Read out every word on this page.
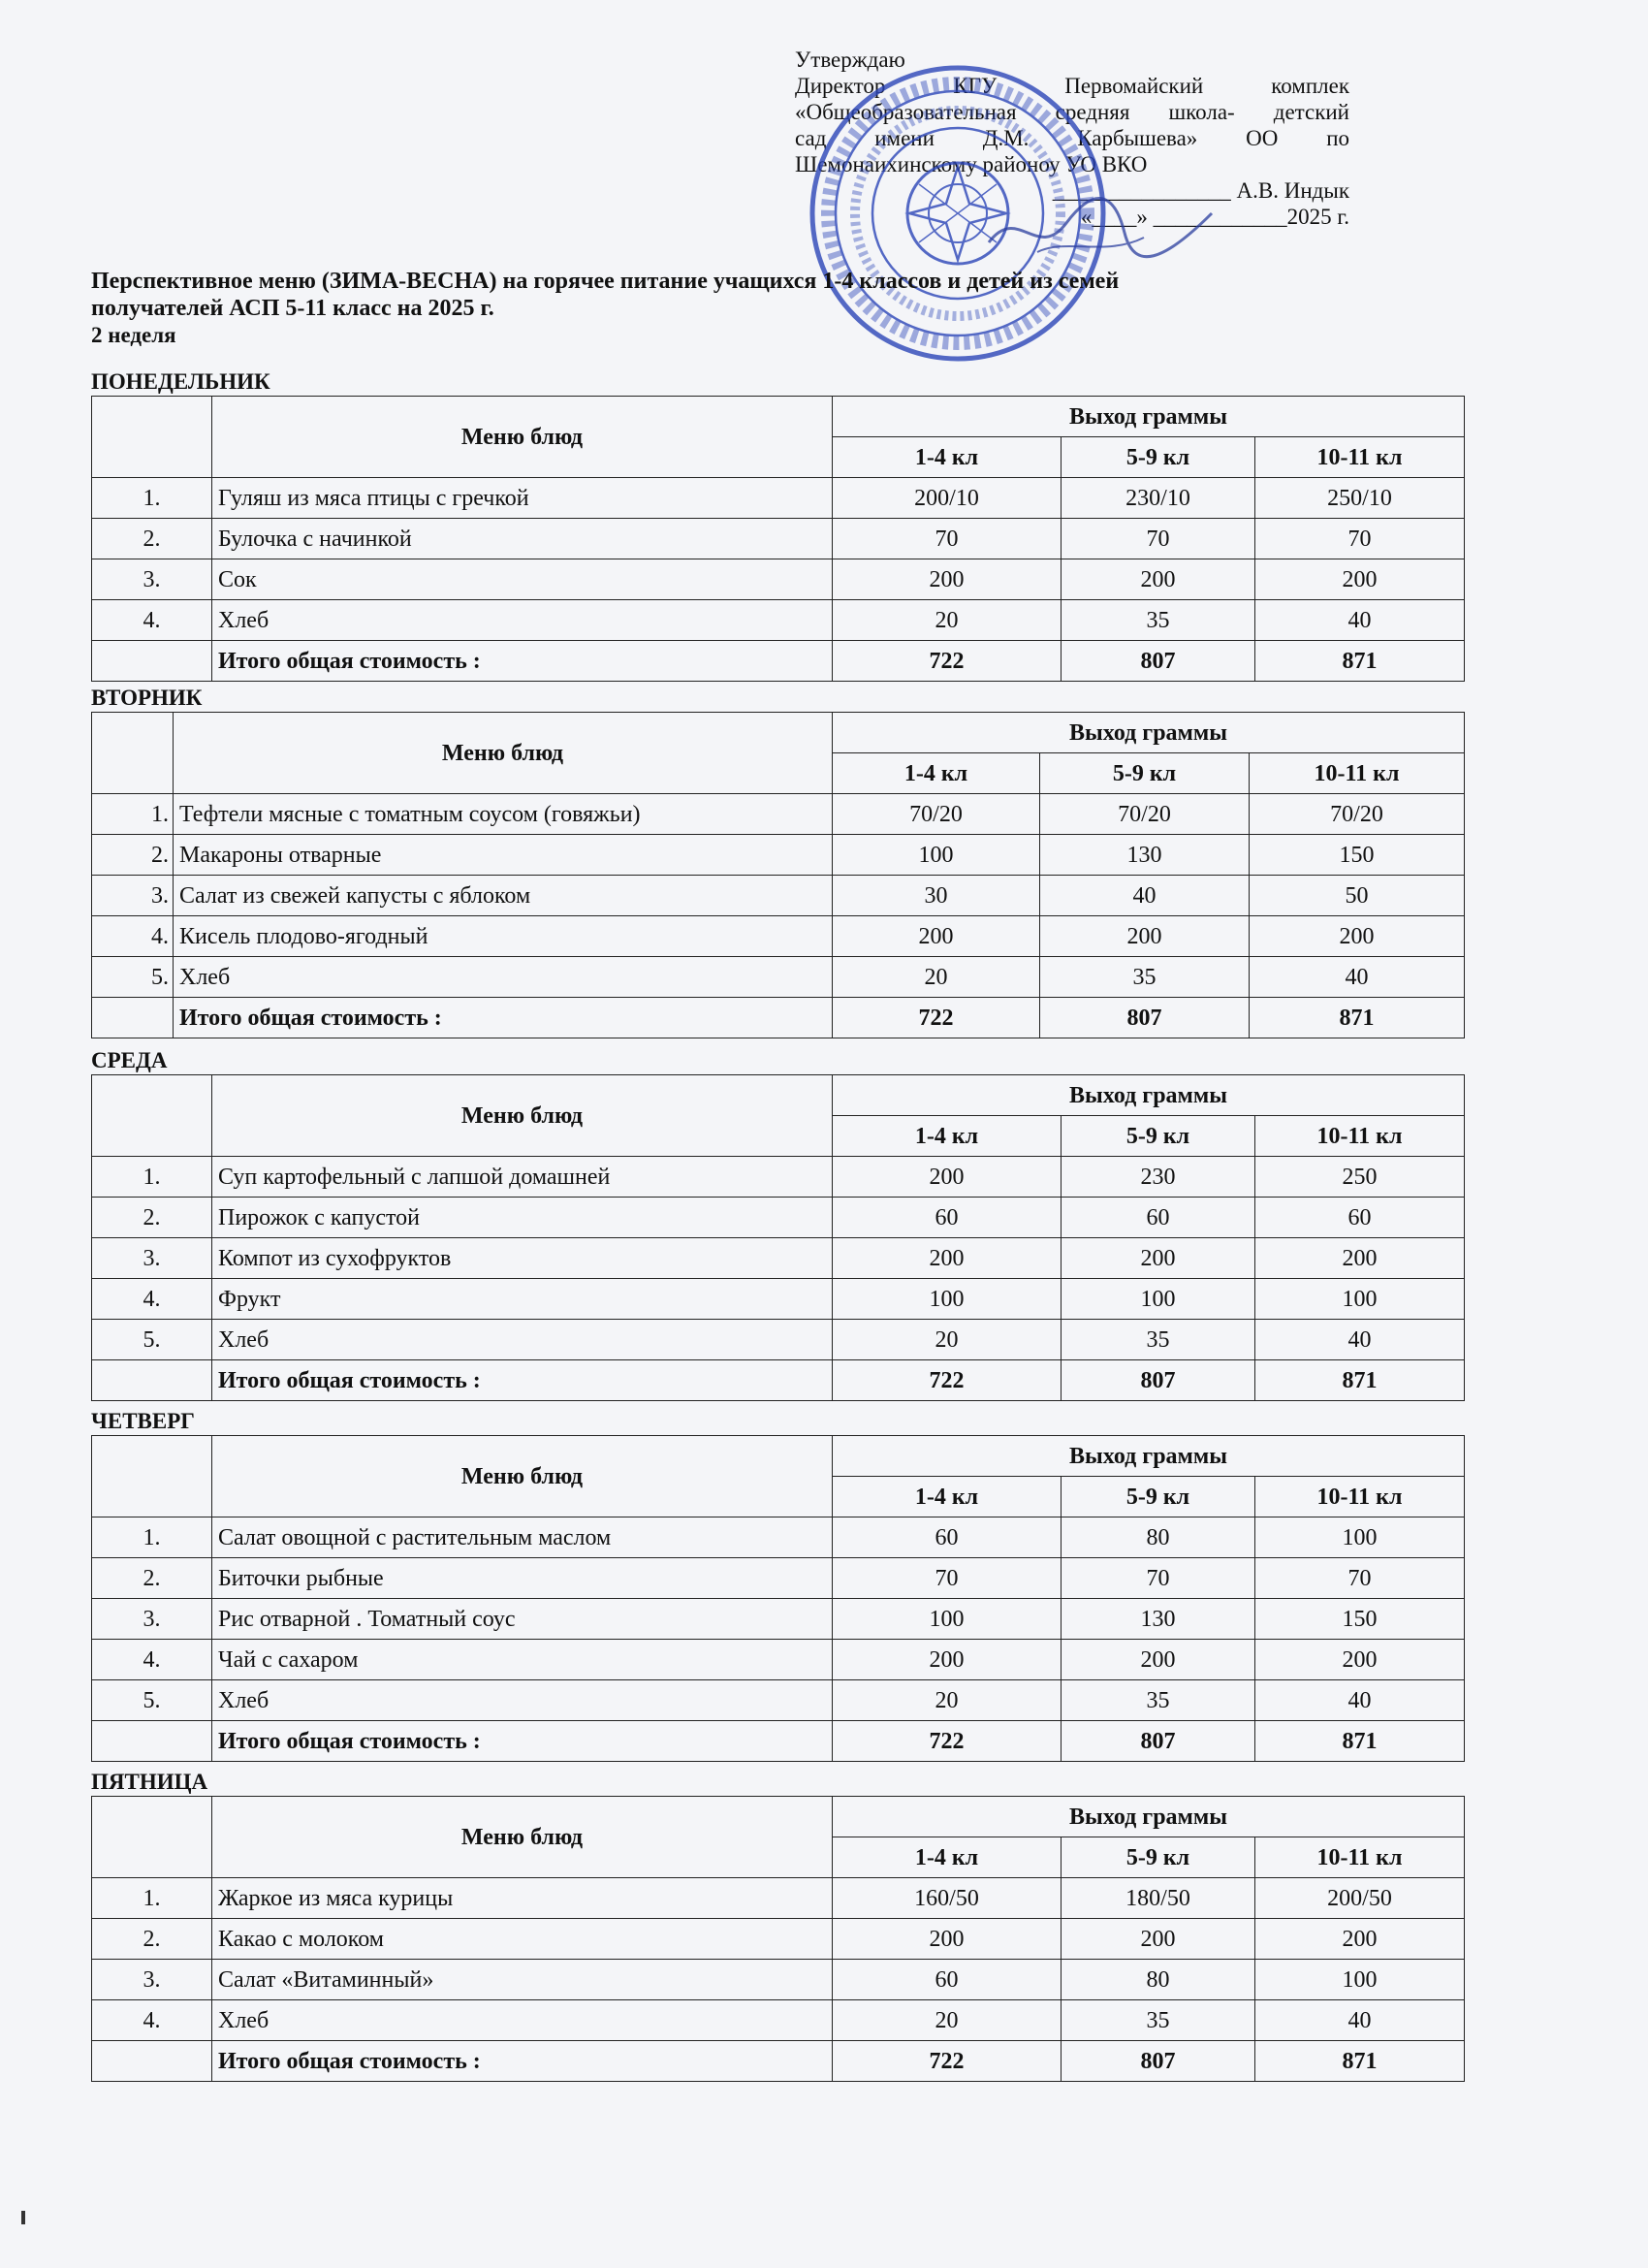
Утверждаю
Директор КГУ Первомайский комплек
«Общеобразовательная средняя школа- детский
сад имени Д.М. Карбышева» ОО по
Шемонаихинскому районоу УО ВКО
________________ А.В. Индык
«____» ____________2025 г.
Перспективное меню (ЗИМА-ВЕСНА) на горячее питание учащихся 1-4 классов и детей из семей
получателей АСП 5-11 класс на 2025 г.
2 неделя
ПОНЕДЕЛЬНИК
	Меню блюд	Выход граммы		
		1-4 кл	5-9 кл	10-11 кл
1.	Гуляш из мяса птицы с гречкой	200/10	230/10	250/10
2.	Булочка с начинкой	70	70	70
3.	Сок	200	200	200
4.	Хлеб	20	35	40
	Итого общая стоимость :	722	807	871
ВТОРНИК
	Меню блюд	Выход граммы		
		1-4 кл	5-9 кл	10-11 кл
1.	Тефтели мясные с томатным соусом (говяжьи)	70/20	70/20	70/20
2.	Макароны отварные	100	130	150
3.	Салат из свежей капусты с яблоком	30	40	50
4.	Кисель плодово-ягодный	200	200	200
5.	Хлеб	20	35	40
	Итого общая стоимость :	722	807	871
СРЕДА
	Меню блюд	Выход граммы		
		1-4 кл	5-9 кл	10-11 кл
1.	Суп картофельный с лапшой домашней	200	230	250
2.	Пирожок с капустой	60	60	60
3.	Компот из сухофруктов	200	200	200
4.	Фрукт	100	100	100
5.	Хлеб	20	35	40
	Итого общая стоимость :	722	807	871
ЧЕТВЕРГ
	Меню блюд	Выход граммы		
		1-4 кл	5-9 кл	10-11 кл
1.	Салат овощной с растительным маслом	60	80	100
2.	Биточки рыбные	70	70	70
3.	Рис отварной . Томатный соус	100	130	150
4.	Чай с сахаром	200	200	200
5.	Хлеб	20	35	40
	Итого общая стоимость :	722	807	871
ПЯТНИЦА
	Меню блюд	Выход граммы		
		1-4 кл	5-9 кл	10-11 кл
1.	Жаркое из мяса курицы	160/50	180/50	200/50
2.	Какао с молоком	200	200	200
3.	Салат «Витаминный»	60	80	100
4.	Хлеб	20	35	40
	Итого общая стоимость :	722	807	871
